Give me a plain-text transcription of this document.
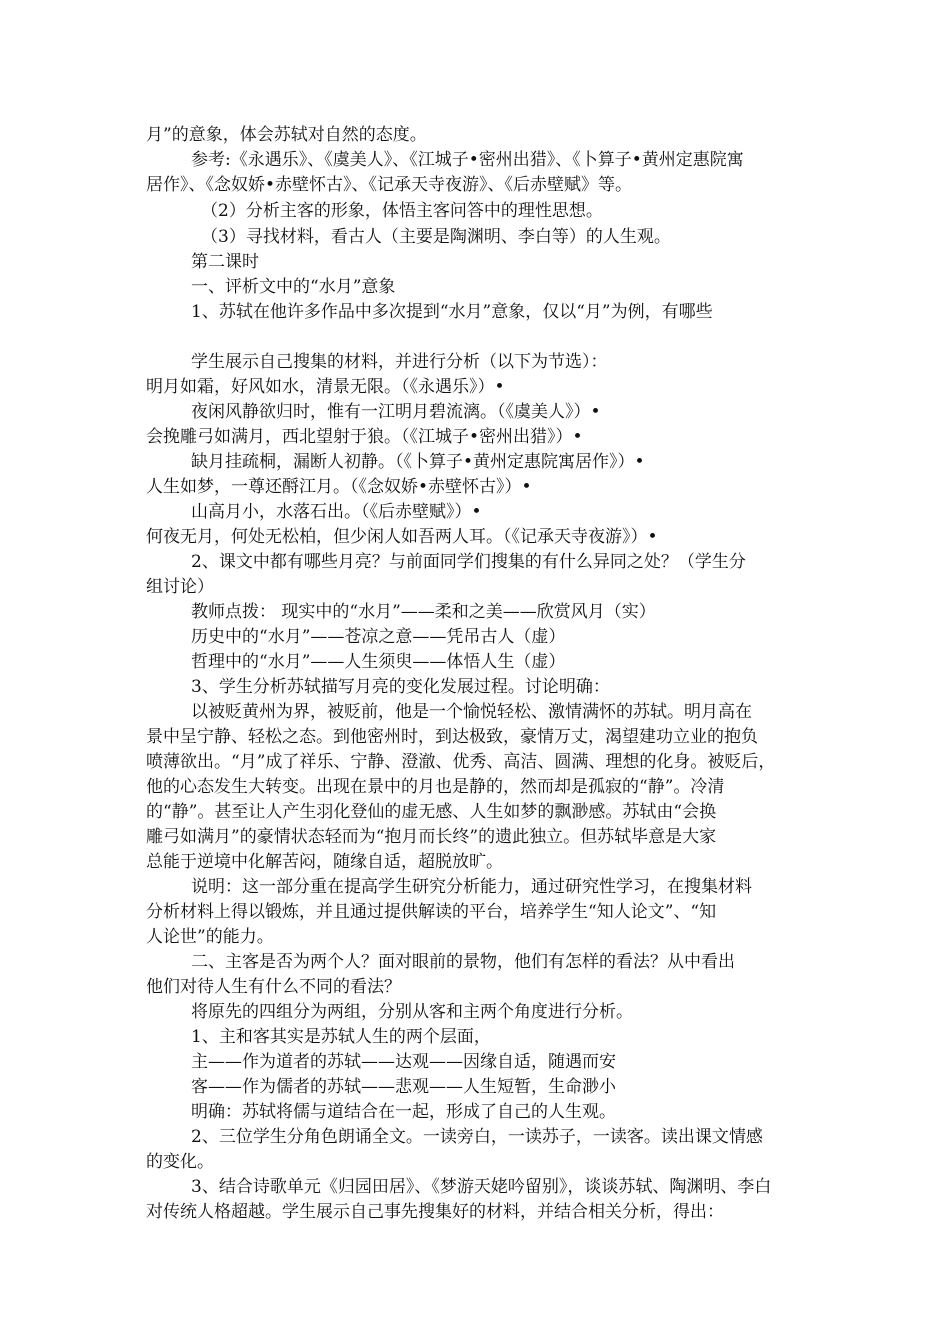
月”的意象，体会苏轼对自然的态度。
参考:《永遇乐》、《虞美人》、《江城子•密州出猎》、《卜算子•黄州定惠院寓
居作》、《念奴娇•赤壁怀古》、《记承天寺夜游》、《后赤壁赋》等。
（2）分析主客的形象，体悟主客问答中的理性思想。
（3）寻找材料，看古人（主要是陶渊明、李白等）的人生观。
第二课时
一、评析文中的“水月”意象
1、苏轼在他许多作品中多次提到“水月”意象，仅以“月”为例，有哪些
学生展示自己搜集的材料，并进行分析（以下为节选）：
明月如霜，好风如水，清景无限。（《永遇乐》）•
夜闲风静欲归时，惟有一江明月碧流漓。（《虞美人》）•
会挽雕弓如满月，西北望射于狼。（《江城子•密州出猎》）•
缺月挂疏桐，漏断人初静。（《卜算子•黄州定惠院寓居作》）•
人生如梦，一尊还酹江月。（《念奴娇•赤壁怀古》）•
山高月小，水落石出。（《后赤壁赋》）•
何夜无月，何处无松柏，但少闲人如吾两人耳。（《记承天寺夜游》）•
2、课文中都有哪些月亮？与前面同学们搜集的有什么异同之处？（学生分
组讨论）
教师点拨： 现实中的“水月”——柔和之美——欣赏风月（实）
历史中的“水月”——苍凉之意——凭吊古人（虚）
哲理中的“水月”——人生须臾——体悟人生（虚）
3、学生分析苏轼描写月亮的变化发展过程。讨论明确：
以被贬黄州为界，被贬前，他是一个愉悦轻松、激情满怀的苏轼。明月高在
景中呈宁静、轻松之态。到他密州时，到达极致，豪情万丈，渴望建功立业的抱负
喷薄欲出。“月”成了祥乐、宁静、澄澈、优秀、高洁、圆满、理想的化身。被贬后，
他的心态发生大转变。出现在景中的月也是静的，然而却是孤寂的“静”。冷清
的“静”。甚至让人产生羽化登仙的虚无感、人生如梦的飘渺感。苏轼由“会换
雕弓如满月”的豪情状态轻而为“抱月而长终”的遗此独立。但苏轼毕意是大家
总能于逆境中化解苦闷，随缘自适，超脱放旷。
说明：这一部分重在提高学生研究分析能力，通过研究性学习，在搜集材料
分析材料上得以锻炼，并且通过提供解读的平台，培养学生“知人论文”、“知
人论世”的能力。
二、主客是否为两个人？面对眼前的景物，他们有怎样的看法？从中看出
他们对待人生有什么不同的看法？
将原先的四组分为两组，分别从客和主两个角度进行分析。
1、主和客其实是苏轼人生的两个层面，
主——作为道者的苏轼——达观——因缘自适，随遇而安
客——作为儒者的苏轼——悲观——人生短暂，生命渺小
明确：苏轼将儒与道结合在一起，形成了自己的人生观。
2、三位学生分角色朗诵全文。一读旁白，一读苏子，一读客。读出课文情感
的变化。
3、结合诗歌单元《归园田居》、《梦游天姥吟留别》，谈谈苏轼、陶渊明、李白
对传统人格超越。学生展示自己事先搜集好的材料，并结合相关分析，得出：
